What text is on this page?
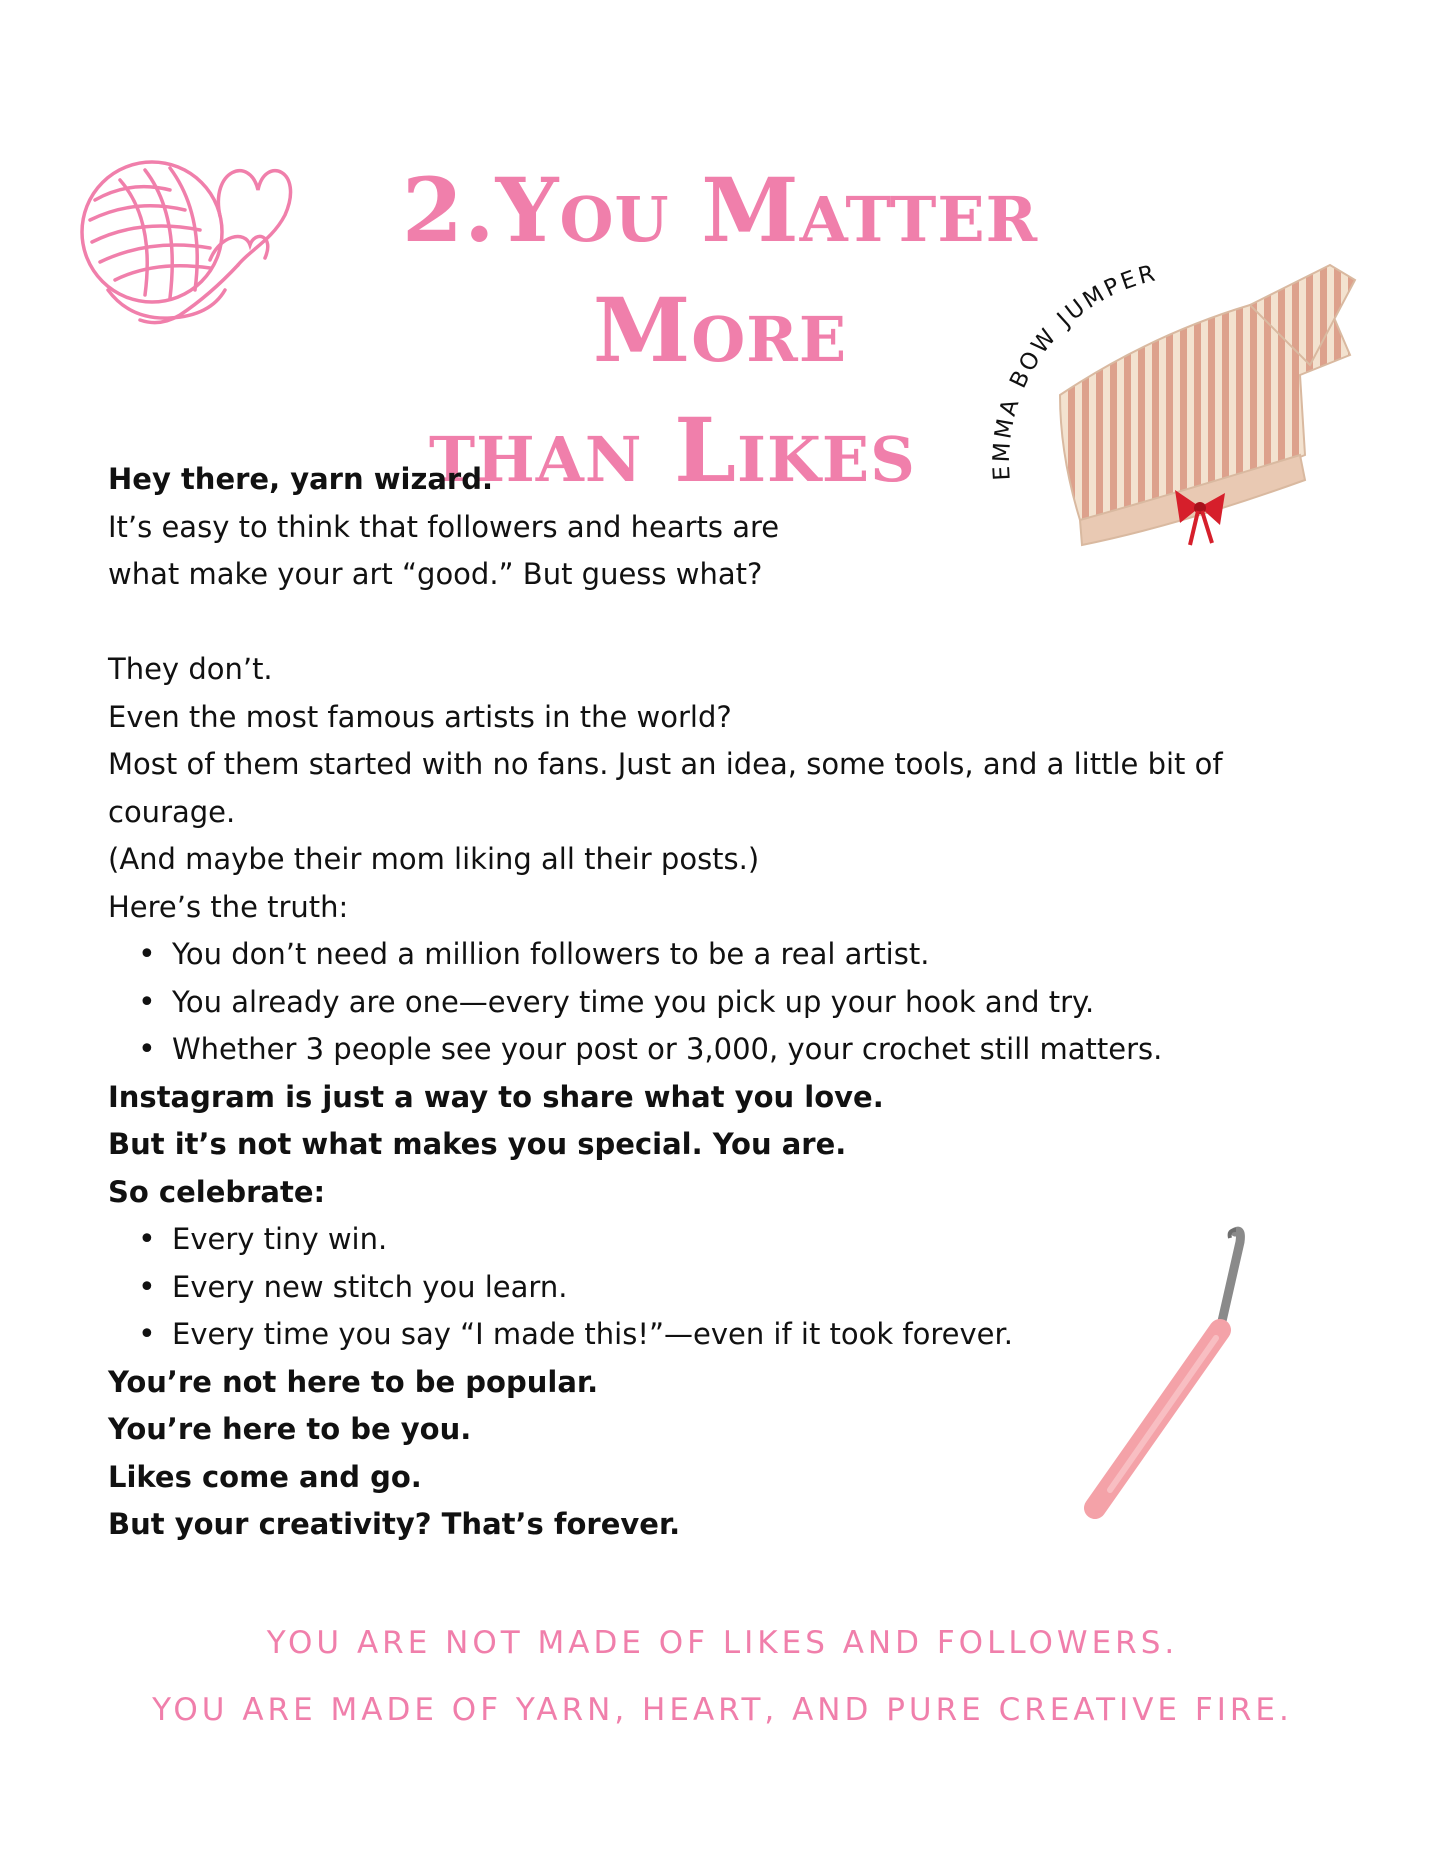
2.You Matter More
than Likes	EMMA BOW JUMPER

Hey there, yarn wizard.

It’s easy to think that followers and hearts are

what make your art “good.” But guess what?

They don’t.

Even the most famous artists in the world?

Most of them started with no fans. Just an idea, some tools, and a little bit of

courage.

(And maybe their mom liking all their posts.)

Here’s the truth:

• You don’t need a million followers to be a real artist.
• You already are one—every time you pick up your hook and try.
• Whether 3 people see your post or 3,000, your crochet still matters.

Instagram is just a way to share what you love.

But it’s not what makes you special. You are.

So celebrate:

• Every tiny win.
• Every new stitch you learn.
• Every time you say “I made this!”—even if it took forever.

You’re not here to be popular.

You’re here to be you.

Likes come and go.

But your creativity? That’s forever.

YOU ARE NOT MADE OF LIKES AND FOLLOWERS.
YOU ARE MADE OF YARN, HEART, AND PURE CREATIVE FIRE.
